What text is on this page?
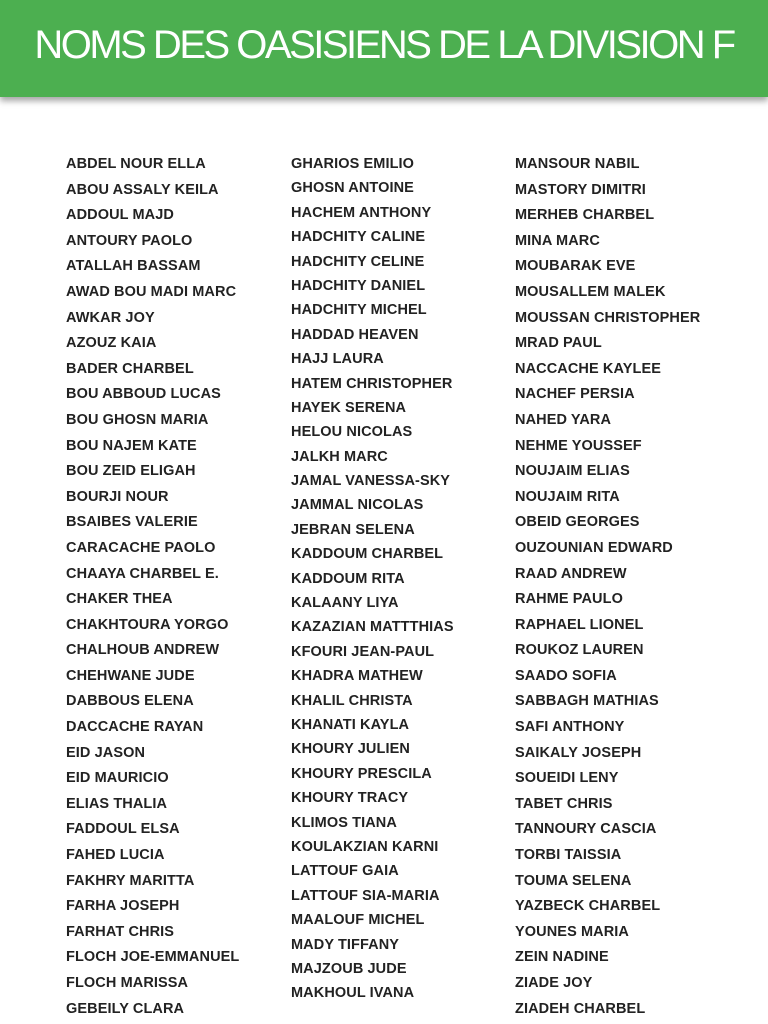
NOMS DES OASISIENS DE LA DIVISION F
ABDEL NOUR ELLA
ABOU ASSALY KEILA
ADDOUL MAJD
ANTOURY PAOLO
ATALLAH BASSAM
AWAD BOU MADI MARC
AWKAR JOY
AZOUZ KAIA
BADER CHARBEL
BOU ABBOUD LUCAS
BOU GHOSN MARIA
BOU NAJEM KATE
BOU ZEID ELIGAH
BOURJI NOUR
BSAIBES VALERIE
CARACACHE PAOLO
CHAAYA CHARBEL E.
CHAKER THEA
CHAKHTOURA YORGO
CHALHOUB ANDREW
CHEHWANE JUDE
DABBOUS ELENA
DACCACHE RAYAN
EID JASON
EID MAURICIO
ELIAS THALIA
FADDOUL ELSA
FAHED LUCIA
FAKHRY MARITTA
FARHA JOSEPH
FARHAT CHRIS
FLOCH JOE-EMMANUEL
FLOCH MARISSA
GEBEILY CLARA
GHARIOS EMILIO
GHOSN ANTOINE
HACHEM ANTHONY
HADCHITY CALINE
HADCHITY CELINE
HADCHITY DANIEL
HADCHITY MICHEL
HADDAD HEAVEN
HAJJ LAURA
HATEM CHRISTOPHER
HAYEK SERENA
HELOU NICOLAS
JALKH MARC
JAMAL VANESSA-SKY
JAMMAL NICOLAS
JEBRAN SELENA
KADDOUM CHARBEL
KADDOUM RITA
KALAANY LIYA
KAZAZIAN MATTTHIAS
KFOURI JEAN-PAUL
KHADRA MATHEW
KHALIL CHRISTA
KHANATI KAYLA
KHOURY JULIEN
KHOURY PRESCILA
KHOURY TRACY
KLIMOS TIANA
KOULAKZIAN KARNI
LATTOUF GAIA
LATTOUF SIA-MARIA
MAALOUF MICHEL
MADY TIFFANY
MAJZOUB JUDE
MAKHOUL IVANA
MANSOUR NABIL
MASTORY DIMITRI
MERHEB CHARBEL
MINA MARC
MOUBARAK EVE
MOUSALLEM MALEK
MOUSSAN CHRISTOPHER
MRAD PAUL
NACCACHE KAYLEE
NACHEF PERSIA
NAHED YARA
NEHME YOUSSEF
NOUJAIM ELIAS
NOUJAIM RITA
OBEID GEORGES
OUZOUNIAN EDWARD
RAAD ANDREW
RAHME PAULO
RAPHAEL LIONEL
ROUKOZ LAUREN
SAADO SOFIA
SABBAGH MATHIAS
SAFI ANTHONY
SAIKALY JOSEPH
SOUEIDI LENY
TABET CHRIS
TANNOURY CASCIA
TORBI TAISSIA
TOUMA SELENA
YAZBECK CHARBEL
YOUNES MARIA
ZEIN NADINE
ZIADE JOY
ZIADEH CHARBEL
